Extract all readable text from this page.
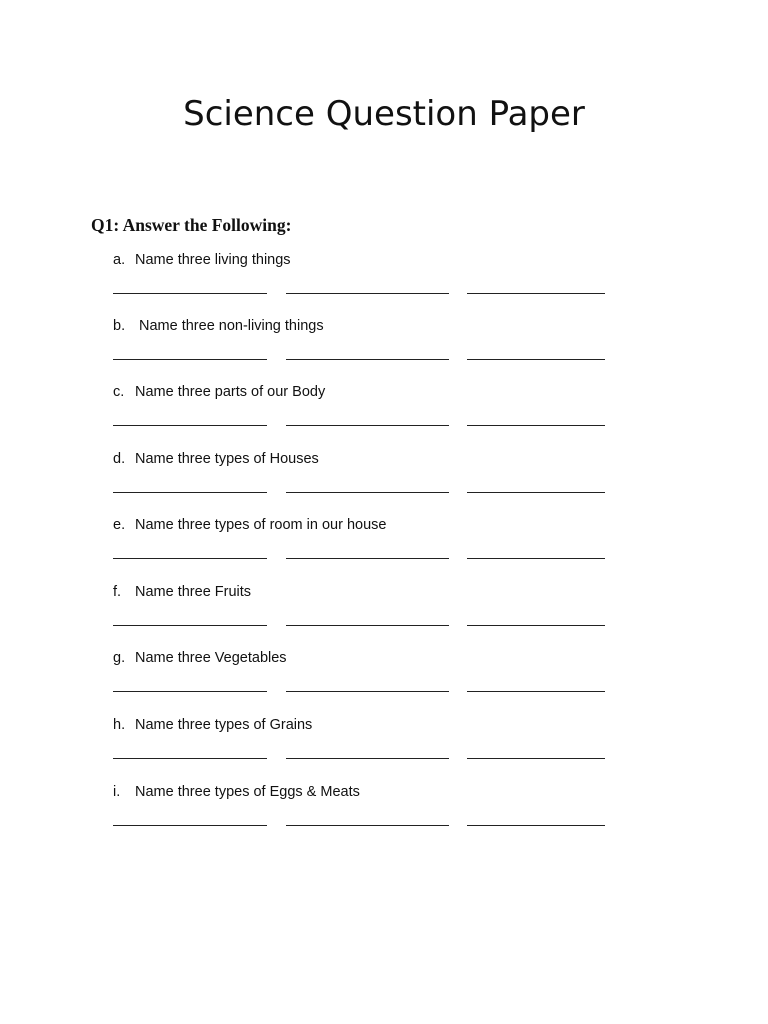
Science Question Paper
Q1: Answer the Following:
a. Name three living things
b. Name three non-living things
c. Name three parts of our Body
d. Name three types of Houses
e. Name three types of room in our house
f. Name three Fruits
g. Name three Vegetables
h. Name three types of Grains
i. Name three types of Eggs & Meats
